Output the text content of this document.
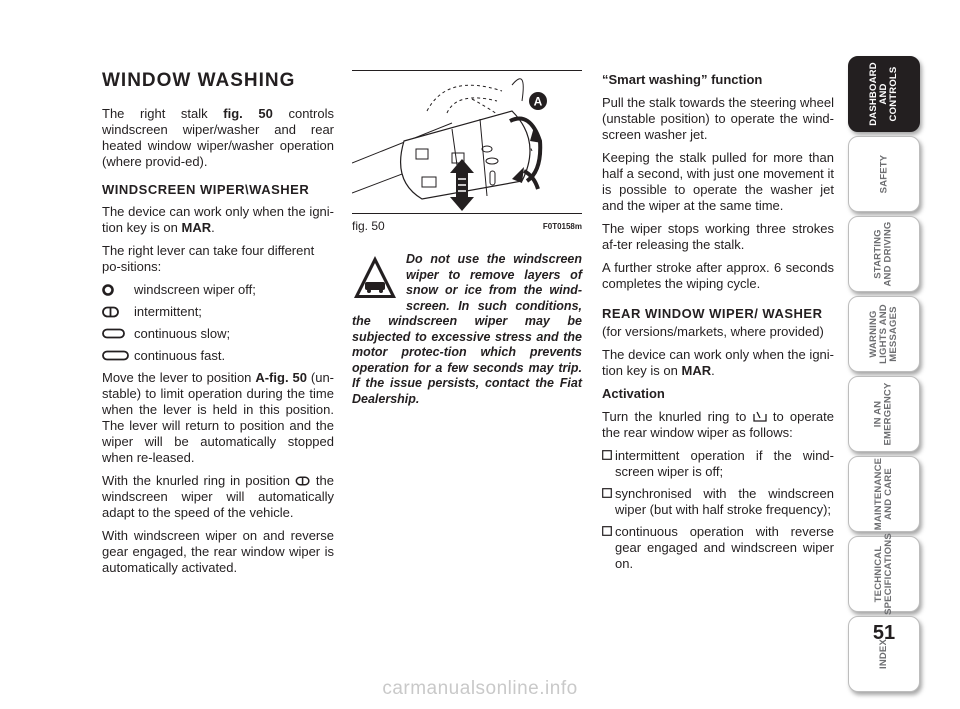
WINDOW WASHING

The right stalk fig. 50 controls windscreen wiper/washer and rear heated window wiper/washer operation (where provid-ed).

WINDSCREEN WIPER\WASHER

The device can work only when the igni-tion key is on MAR.

The right lever can take four different po-sitions:

windscreen wiper off;
intermittent;
continuous slow;
continuous fast.

Move the lever to position A-fig. 50 (un-stable) to limit operation during the time when the lever is held in this position. The lever will return to position and the wiper will be automatically stopped when re-leased.

With the knurled ring in position  the windscreen wiper will automatically adapt to the speed of the vehicle.

With windscreen wiper on and reverse gear engaged, the rear window wiper is automatically activated.

A
fig. 50	F0T0158m
Do not use the windscreen wiper to remove layers of snow or ice from the wind-screen. In such conditions, the windscreen wiper may be subjected to excessive stress and the motor protec-tion which prevents operation for a few seconds may trip. If the issue persists, contact the Fiat Dealership.

“Smart washing” function

Pull the stalk towards the steering wheel (unstable position) to operate the wind-screen washer jet.

Keeping the stalk pulled for more than half a second, with just one movement it is possible to operate the washer jet and the wiper at the same time.

The wiper stops working three strokes af-ter releasing the stalk.

A further stroke after approx. 6 seconds completes the wiping cycle.

REAR WINDOW WIPER/ WASHER

(for versions/markets, where provided)

The device can work only when the igni-tion key is on MAR.

Activation

Turn the knurled ring to  to operate the rear window wiper as follows:

intermittent operation if the wind-screen wiper is off;
synchronised with the windscreen wiper (but with half stroke frequency);
continuous operation with reverse gear engaged and windscreen wiper on.
DASHBOARD
AND CONTROLS
SAFETY
STARTING
AND DRIVING
WARNING
LIGHTS AND
MESSAGES
IN AN
EMERGENCY
MAINTENANCE
AND CARE
TECHNICAL
SPECIFICATIONS
INDEX
51
carmanualsonline.info
